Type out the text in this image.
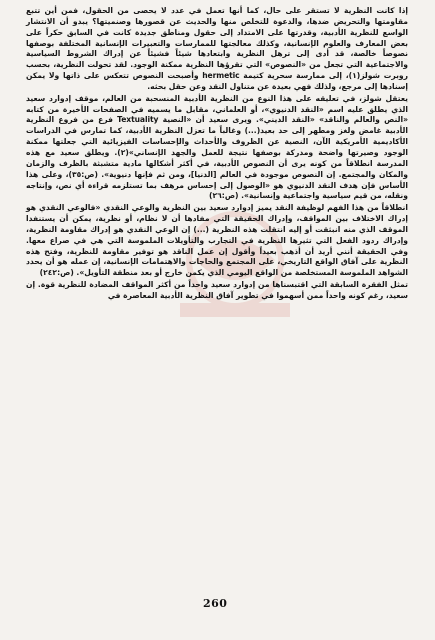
إذا كانت النظرية لا تستقر على حال، كما أنها تعمل في عدد لا يحصى من الحقول، فمن أين تتبع مقاومتها والتحريض ضدها، والدعوة للتخلص منها والحديث عن قصورها وصنميتها؟ يبدو أن الانتشار الواسع للنظرية الأدبية، وقدرتها على الامتداد إلى حقول ومناطق جديدة كانت في السابق حكراً على بعض المعارف والعلوم الإنسانية، وكذلك معالجتها للممارسات والتعبيرات الإنسانية المختلفة بوصفها نصوصاً خالصة، قد أدى إلى ترهل النظرية وابتعادها شيئاً فشيئاً عن إدراك الشروط السياسية والاجتماعية التي تجعل من «النصوص» التي تقرؤها النظرية ممكنة الوجود. لقد تحولت النظرية، بحسب روبرت شولز(١)، إلى ممارسة سحرية كتيمة hermetic وأصبحت النصوص تتعكس على ذاتها ولا يمكن إسنادها إلى مرجع، ولذلك فهي بعيدة عن متناول النقد وعن حقل بحثه.

يعتقل شولز، في تعليقه على هذا النوع من النظرية الأدبية المنسحبة من العالم، موقف إدوارد سعيد الذي يطلق عليه اسم «النقد الدنيوي»، أو العلماني، مقابل ما يسميه في الصفحات الأخيرة من كتابه «النص والعالم والناقد» «النقد الديني». ويرى سعيد أن «النصية Textuality فرع من فروع النظرية الأدبية غامض ولغز ومطهر إلى حد بعيد(...) وغالباً ما تعزل النظرية الأدبية، كما تمارس في الدراسات الأكاديمية الأمريكية الآن، النصية عن الظروف والأحداث والإحساسات الفيزيائية التي جعلتها ممكنة الوجود وصيرتها واضحة ومدركة بوصفها نتيجة للعمل والجهد الإنساني»(٢). ويطلق سعيد مع هذه المدرسة انطلاقاً من كونه يرى أن النصوص الأدبية، في أكثر أشكالها مادية متشبثة بالظرف والزمان والمكان والمجتمع. إن النصوص موجودة في العالم [الدنيا]، ومن ثم فإنها دنيوية». (ص:٣٥)، وعلى هذا الأساس فإن هدف النقد الدنيوي هو «الوصول إلى إحساس مرهف بما تستلزمه قراءة أي نص، وإنتاجه ونقله، من قيم سياسية واجتماعية وإنسانية». (ص:٢٦)

انطلاقاً من هذا الفهم لوظيفة النقد يميز إدوارد سعيد بين النظرية والوعي النقدي «فالوعي النقدي هو إدراك الاختلاف بين المواقف، وإدراك الحقيقة التي مفادها أن لا نظام، أو نظرية، يمكن أن يستنفدا الموقف الذي منه انبثقت أو إليه انتقلت هذه النظرية (...) إن الوعي النقدي هو إدراك مقاومة النظرية، وإدراك ردود الفعل التي تثيرها النظرية في التجارب والتأويلات الملموسة التي هي في صراع معها. وفي الحقيقة أنني أريد أن أذهب بعيداً وأقول إن عمل الناقد هو توفير مقاومة للنظرية، وفتح هذه النظرية على آفاق الواقع التاريخي، على المجتمع والحاجات والاهتمامات الإنسانية، إن عمله هو أن يحدد الشواهد الملموسة المستخلصة من الواقع اليومي الذي يكمن خارج أو بعد منطقة التأويل». (ص:٢٤٢)

تمثل الفقرة السابقة التي اقتبسناها من إدوارد سعيد واحداً من أكثر المواقف المضادة للنظرية قوة. إن سعيد، رغم كونه واحداً ممن أسهموا في تطوير آفاق النظرية الأدبية المعاصرة في

260
